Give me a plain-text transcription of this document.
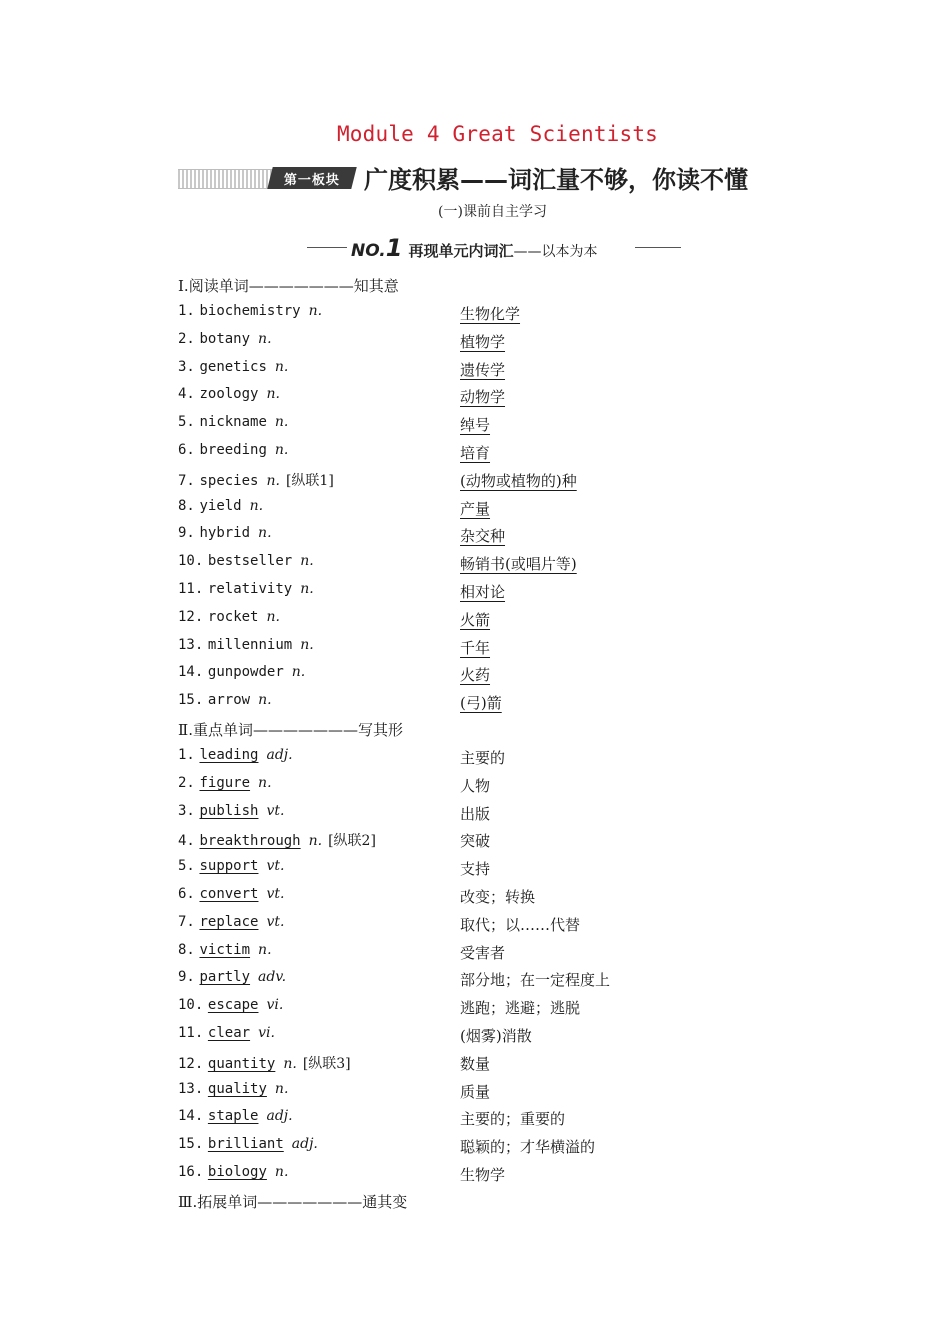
Module 4 Great Scientists
第一板块 广度积累——词汇量不够，你读不懂
(一)课前自主学习
NO.1 再现单元内词汇——以本为本
Ⅰ.阅读单词———————知其意
1. biochemistry n.	生物化学
2. botany n.	植物学
3. genetics n.	遗传学
4. zoology n.	动物学
5. nickname n.	绰号
6. breeding n.	培育
7. species n. [纵联1]	(动物或植物的)种
8. yield n.	产量
9. hybrid n.	杂交种
10. bestseller n.	畅销书(或唱片等)
11. relativity n.	相对论
12. rocket n.	火箭
13. millennium n.	千年
14. gunpowder n.	火药
15. arrow n.	(弓)箭
Ⅱ.重点单词———————写其形
1. leading adj.	主要的
2. figure n.	人物
3. publish vt.	出版
4. breakthrough n. [纵联2]	突破
5. support vt.	支持
6. convert vt.	改变；转换
7. replace vt.	取代；以……代替
8. victim n.	受害者
9. partly adv.	部分地；在一定程度上
10. escape vi.	逃跑；逃避；逃脱
11. clear vi.	(烟雾)消散
12. quantity n. [纵联3]	数量
13. quality n.	质量
14. staple adj.	主要的；重要的
15. brilliant adj.	聪颖的；才华横溢的
16. biology n.	生物学
Ⅲ.拓展单词———————通其变
